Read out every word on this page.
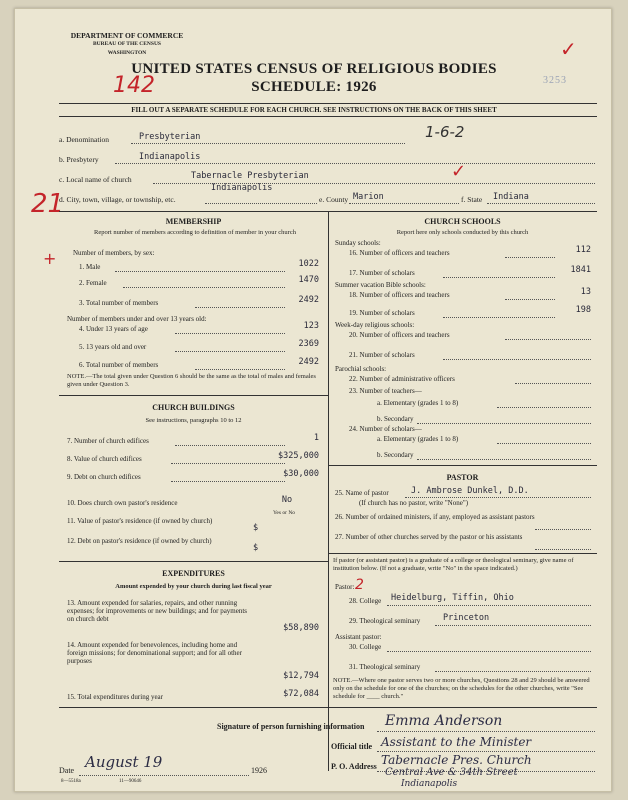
DEPARTMENT OF COMMERCE
BUREAU OF THE CENSUS
WASHINGTON	✓
3253
UNITED STATES CENSUS OF RELIGIOUS BODIES
SCHEDULE: 1926
142
FILL OUT A SEPARATE SCHEDULE FOR EACH CHURCH. SEE INSTRUCTIONS ON THE BACK OF THIS SHEET
1-6-2
a. Denomination	Presbyterian
b. Presbytery	Indianapolis
c. Local name of church	Tabernacle Presbyterian	✓
Indianapolis
d. City, town, village, or township, etc.	e. County Marion	f. State Indiana
21
+
MEMBERSHIP
Report number of members according to definition of member in your church
Number of members, by sex:
1. Male	1022
2. Female	1470
3. Total number of members	2492
Number of members under and over 13 years old:
4. Under 13 years of age	123
5. 13 years old and over	2369
6. Total number of members	2492
NOTE.—The total given under Question 6 should be the same as the total of males and females given under Question 3.
CHURCH BUILDINGS
See instructions, paragraphs 10 to 12
7. Number of church edifices	1
8. Value of church edifices	$325,000
9. Debt on church edifices	$30,000
10. Does church own pastor's residence	No
Yes or No
11. Value of pastor's residence (if owned by church)
$
12. Debt on pastor's residence (if owned by church)
$
EXPENDITURES
Amount expended by your church during last fiscal year
13. Amount expended for salaries, repairs, and other running expenses; for improvements or new buildings; and for payments on church debt
$58,890
14. Amount expended for benevolences, including home and foreign missions; for denominational support; and for all other purposes
$12,794
15. Total expenditures during year	$72,084
CHURCH SCHOOLS
Report here only schools conducted by this church
Sunday schools:
16. Number of officers and teachers	112
17. Number of scholars	1841
Summer vacation Bible schools:
18. Number of officers and teachers	13
19. Number of scholars	198
Week-day religious schools:
20. Number of officers and teachers
21. Number of scholars
Parochial schools:
22. Number of administrative officers
23. Number of teachers—
a. Elementary (grades 1 to 8)
b. Secondary
24. Number of scholars—
a. Elementary (grades 1 to 8)
b. Secondary
PASTOR
25. Name of pastor	J. Ambrose Dunkel, D.D.
(If church has no pastor, write "None")
26. Number of ordained ministers, if any, employed as assistant pastors
27. Number of other churches served by the pastor or his assistants
If pastor (or assistant pastor) is a graduate of a college or theological seminary, give name of institution below. (If not a graduate, write "No" in the space indicated.)
Pastor: 2
28. College Heidelburg, Tiffin, Ohio
29. Theological seminary	Princeton
Assistant pastor:
30. College
31. Theological seminary
NOTE.—Where one pastor serves two or more churches, Questions 28 and 29 should be answered only on the schedule for one of the churches; on the schedules for the other churches, write "See schedule for ____ church."
Signature of person furnishing information Emma Anderson
Official title Assistant to the Minister
P. O. Address Tabernacle Pres. Church
Central Ave & 34th Street
Indianapolis
Date August 19	1926
8—5518a	11—90646
